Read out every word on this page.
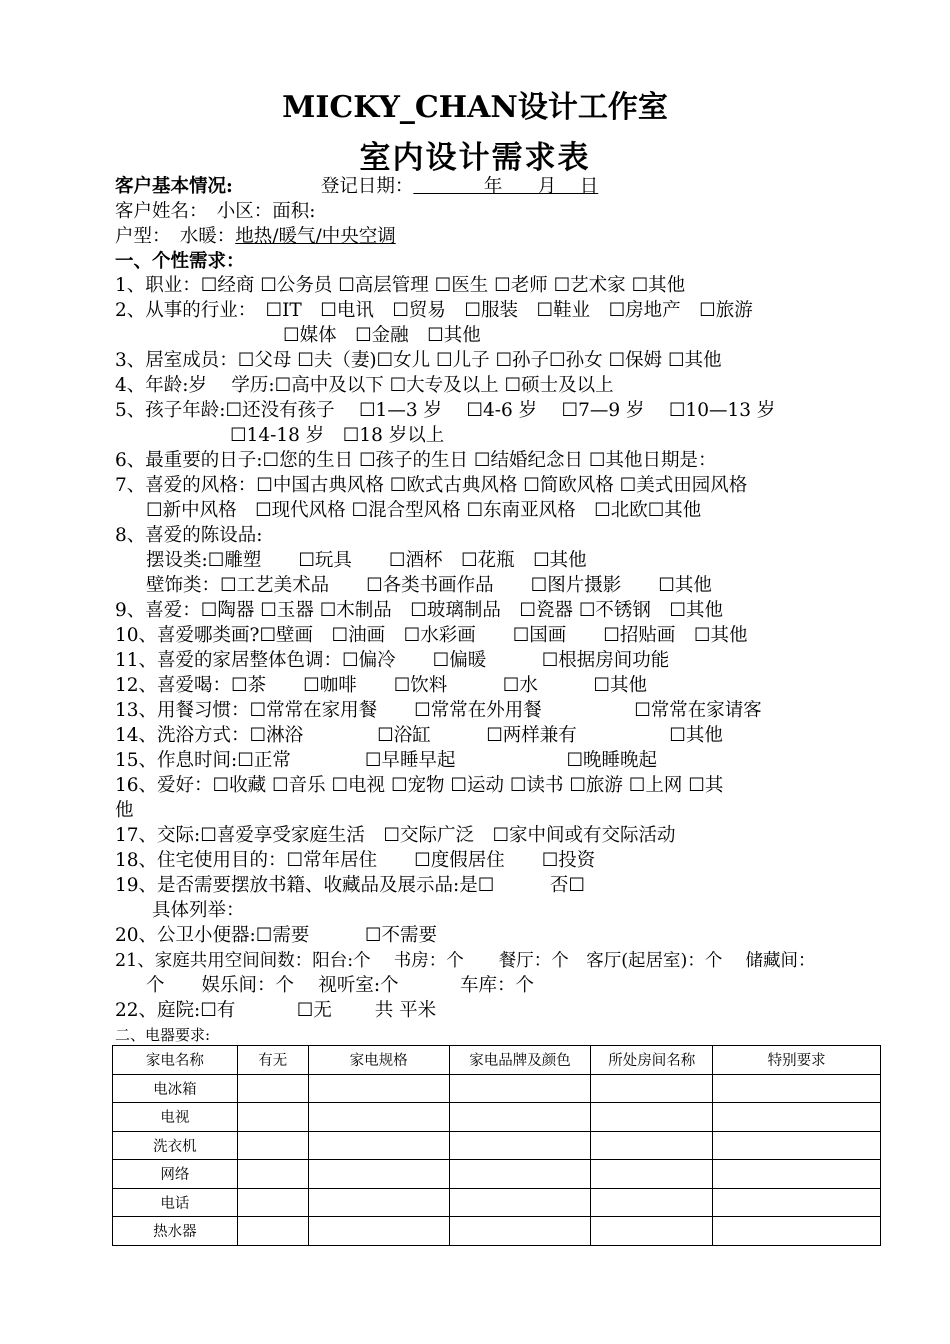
MICKY_CHAN设计工作室
室内设计需求表
客户基本情况:	登记日期：            年      月    日
客户姓名：　小区：面积:
户型：　水暖：地热/暖气/中央空调
一、个性需求：
1、职业：☐经商 ☐公务员 ☐高层管理 ☐医生 ☐老师 ☐艺术家 ☐其他
2、从事的行业：　☐IT　☐电讯　☐贸易　☐服装　☐鞋业　☐房地产　☐旅游
☐媒体　☐金融　☐其他
3、居室成员：☐父母 ☐夫（妻)☐女儿 ☐儿子 ☐孙子☐孙女 ☐保姆 ☐其他
4、年龄:岁　 学历:☐高中及以下 ☐大专及以上 ☐硕士及以上
5、孩子年龄:☐还没有孩子　 ☐1—3 岁　 ☐4-6 岁　 ☐7—9 岁　 ☐10—13 岁
☐14-18 岁　☐18 岁以上
6、最重要的日子:☐您的生日 ☐孩子的生日 ☐结婚纪念日 ☐其他日期是：
7、喜爱的风格：☐中国古典风格 ☐欧式古典风格 ☐简欧风格 ☐美式田园风格
☐新中风格　☐现代风格 ☐混合型风格 ☐东南亚风格　☐北欧☐其他
8、喜爱的陈设品:
摆设类:☐雕塑　　☐玩具　　☐酒杯　☐花瓶　☐其他
壁饰类：☐工艺美术品　　☐各类书画作品　　☐图片摄影　　☐其他
9、喜爱：☐陶器 ☐玉器 ☐木制品　☐玻璃制品　☐瓷器 ☐不锈钢　☐其他
10、喜爱哪类画?☐壁画　☐油画　☐水彩画　　☐国画　　☐招贴画　☐其他
11、喜爱的家居整体色调：☐偏冷　　☐偏暖　　　☐根据房间功能
12、喜爱喝：☐茶　　☐咖啡　　☐饮料　　　☐水　　　☐其他
13、用餐习惯：☐常常在家用餐　　☐常常在外用餐　　　　　☐常常在家请客
14、洗浴方式：☐淋浴　　　　☐浴缸　　　☐两样兼有　　　　　☐其他
15、作息时间:☐正常　　　　☐早睡早起　　　　　　☐晚睡晚起
16、爱好：☐收藏 ☐音乐 ☐电视 ☐宠物 ☐运动 ☐读书 ☐旅游 ☐上网 ☐其
他
17、交际:☐喜爱享受家庭生活　☐交际广泛　☐家中间或有交际活动
18、住宅使用目的：☐常年居住　　☐度假居住　　☐投资
19、是否需要摆放书籍、收藏品及展示品:是☐　　　否☐
具体列举：
20、公卫小便器:☐需要　　　☐不需要
21、家庭共用空间间数：阳台:个　 书房：个　　餐厅：个　客厅(起居室)：个　 储藏间：
个　　娱乐间：个　 视听室:个　　　 车库：个
22、庭院:☐有　　　 ☐无　　 共 平米
二、电器要求:
家电名称	有无	家电规格	家电品牌及颜色	所处房间名称	特别要求
电冰箱					
电视					
洗衣机					
网络					
电话					
热水器					
